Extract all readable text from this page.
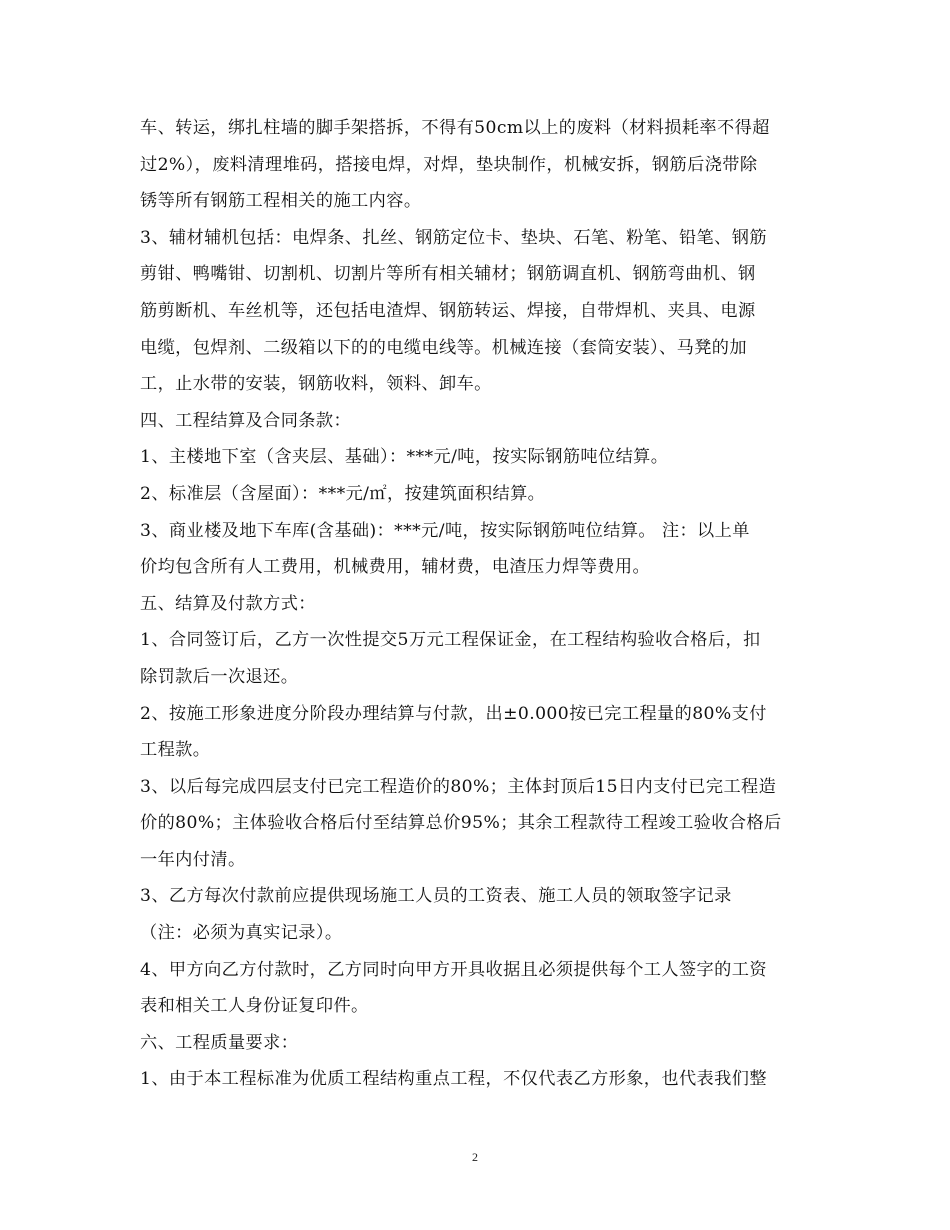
车、转运，绑扎柱墙的脚手架搭拆，不得有50cm以上的废料（材料损耗率不得超
过2%），废料清理堆码，搭接电焊，对焊，垫块制作，机械安拆，钢筋后浇带除
锈等所有钢筋工程相关的施工内容。
3、辅材辅机包括：电焊条、扎丝、钢筋定位卡、垫块、石笔、粉笔、铅笔、钢筋
剪钳、鸭嘴钳、切割机、切割片等所有相关辅材；钢筋调直机、钢筋弯曲机、钢
筋剪断机、车丝机等，还包括电渣焊、钢筋转运、焊接，自带焊机、夹具、电源
电缆，包焊剂、二级箱以下的的电缆电线等。机械连接（套筒安装）、马凳的加
工，止水带的安装，钢筋收料，领料、卸车。
四、工程结算及合同条款：
1、主楼地下室（含夹层、基础）：***元/吨，按实际钢筋吨位结算。
2、标准层（含屋面）：***元/㎡，按建筑面积结算。
3、商业楼及地下车库(含基础)：***元/吨，按实际钢筋吨位结算。 注：以上单
价均包含所有人工费用，机械费用，辅材费，电渣压力焊等费用。
五、结算及付款方式：
1、合同签订后，乙方一次性提交5万元工程保证金，在工程结构验收合格后，扣
除罚款后一次退还。
2、按施工形象进度分阶段办理结算与付款，出±0.000按已完工程量的80%支付
工程款。
3、以后每完成四层支付已完工程造价的80%；主体封顶后15日内支付已完工程造
价的80%；主体验收合格后付至结算总价95%；其余工程款待工程竣工验收合格后
一年内付清。
3、乙方每次付款前应提供现场施工人员的工资表、施工人员的领取签字记录
（注：必须为真实记录）。
4、甲方向乙方付款时，乙方同时向甲方开具收据且必须提供每个工人签字的工资
表和相关工人身份证复印件。
六、工程质量要求：
1、由于本工程标准为优质工程结构重点工程，不仅代表乙方形象，也代表我们整
2
